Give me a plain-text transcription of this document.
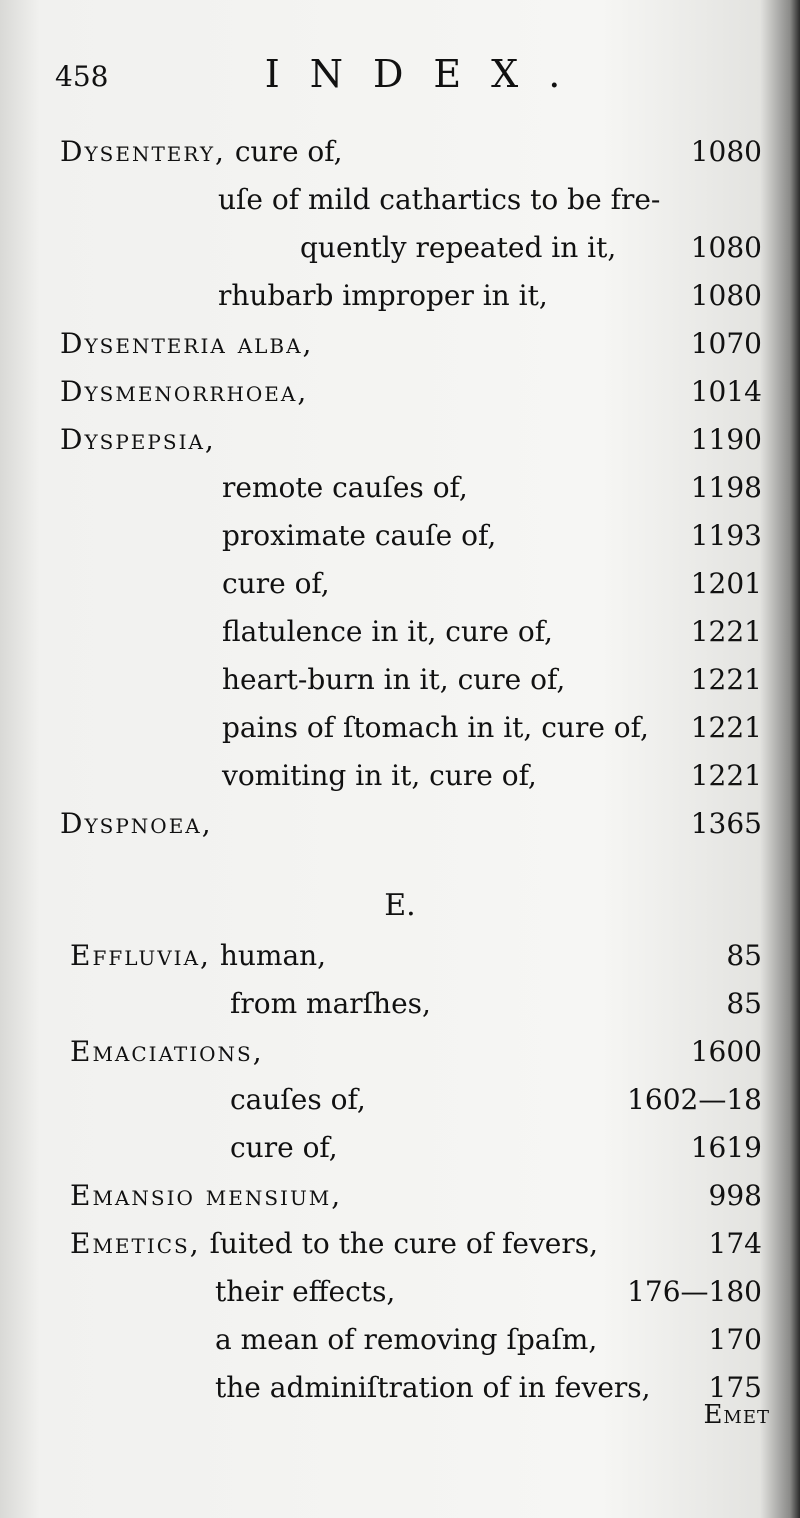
458	INDEX.
Dysentery, cure of,	1080
uſe of mild cathartics to be fre-
quently repeated in it,	1080
rhubarb improper in it,	1080
Dysenteria alba,	1070
Dysmenorrhoea,	1014
Dyspepsia,	1190
remote cauſes of,	1198
proximate cauſe of,	1193
cure of,	1201
flatulence in it, cure of,	1221
heart-burn in it, cure of,	1221
pains of ſtomach in it, cure of, 1221
vomiting in it, cure of,	1221
Dyspnoea,	1365
E.
Effluvia, human,	85
from marſhes,	85
Emaciations,	1600
cauſes of,	1602—18
cure of,	1619
Emansio mensium,	998
Emetics, ſuited to the cure of fevers,	174
their effects,	176—180
a mean of removing ſpaſm,	170
the adminiſtration of in fevers, 175
Emet
